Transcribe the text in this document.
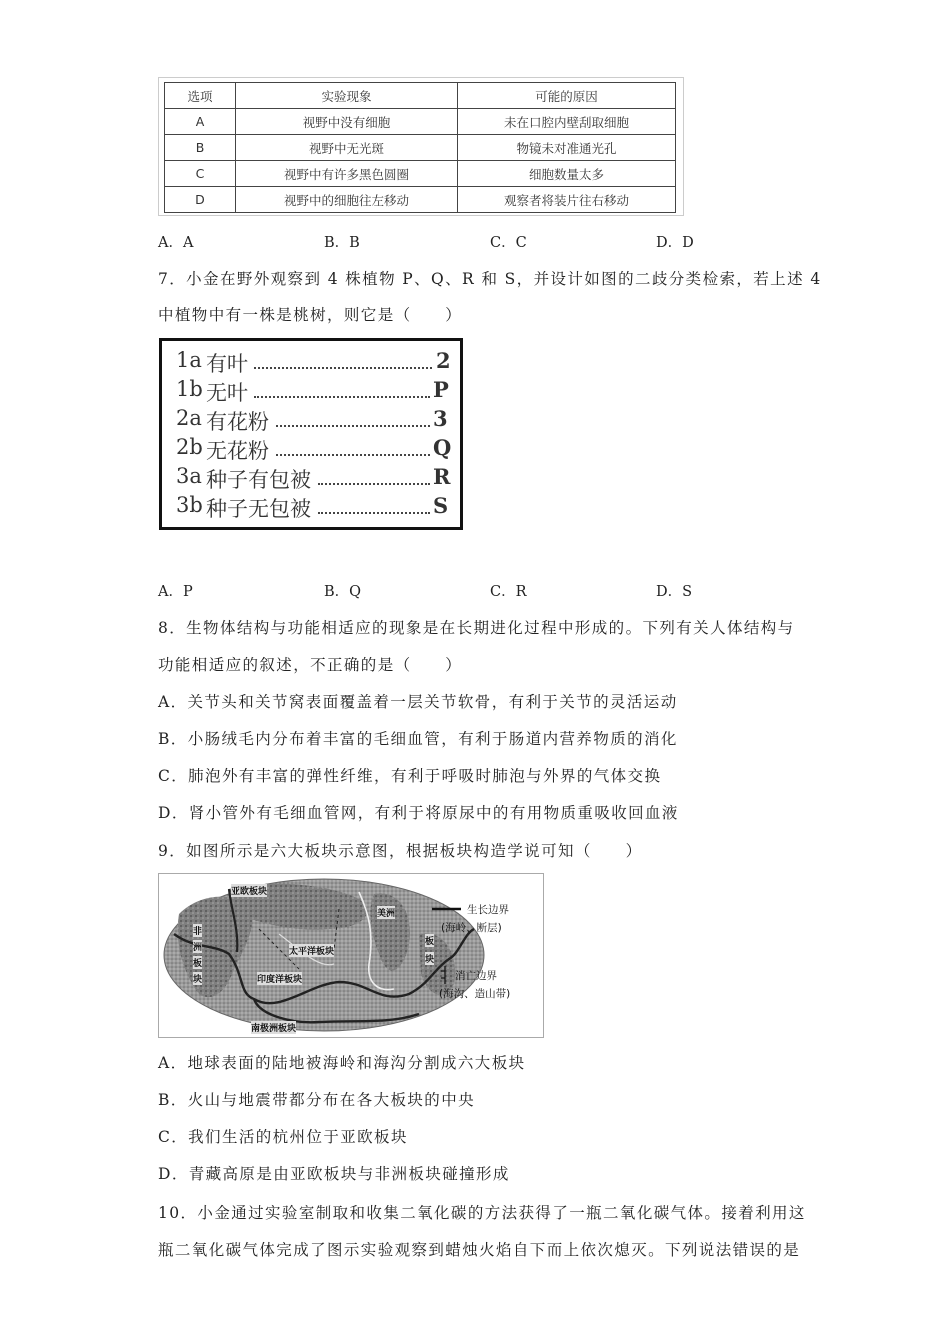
选项	实验现象	可能的原因
A	视野中没有细胞	未在口腔内壁刮取细胞
B	视野中无光斑	物镜未对准通光孔
C	视野中有许多黑色圆圈	细胞数量太多
D	视野中的细胞往左移动	观察者将装片往右移动
A．A	B．B	C．C	D．D
7．小金在野外观察到 4 株植物 P、Q、R 和 S，并设计如图的二歧分类检索，若上述 4
中植物中有一株是桃树，则它是（　　）
1a 有叶	2
1b 无叶	P
2a 有花粉	3
2b 无花粉	Q
3a 种子有包被	R
3b 种子无包被	S
A．P	B．Q	C．R	D．S
8．生物体结构与功能相适应的现象是在长期进化过程中形成的。下列有关人体结构与
功能相适应的叙述，不正确的是（　　）
A．关节头和关节窝表面覆盖着一层关节软骨，有利于关节的灵活运动
B．小肠绒毛内分布着丰富的毛细血管，有利于肠道内营养物质的消化
C．肺泡外有丰富的弹性纤维，有利于呼吸时肺泡与外界的气体交换
D．肾小管外有毛细血管网，有利于将原尿中的有用物质重吸收回血液
9．如图所示是六大板块示意图，根据板块构造学说可知（　　）
亚欧板块
美洲
太平洋板块
非
洲
板
块	印度洋板块
板
块
南极洲板块
生长边界
(海岭、断层)
消亡边界
(海沟、造山带)
A．地球表面的陆地被海岭和海沟分割成六大板块
B．火山与地震带都分布在各大板块的中央
C．我们生活的杭州位于亚欧板块
D．青藏高原是由亚欧板块与非洲板块碰撞形成
10．小金通过实验室制取和收集二氧化碳的方法获得了一瓶二氧化碳气体。接着利用这
瓶二氧化碳气体完成了图示实验观察到蜡烛火焰自下而上依次熄灭。下列说法错误的是
